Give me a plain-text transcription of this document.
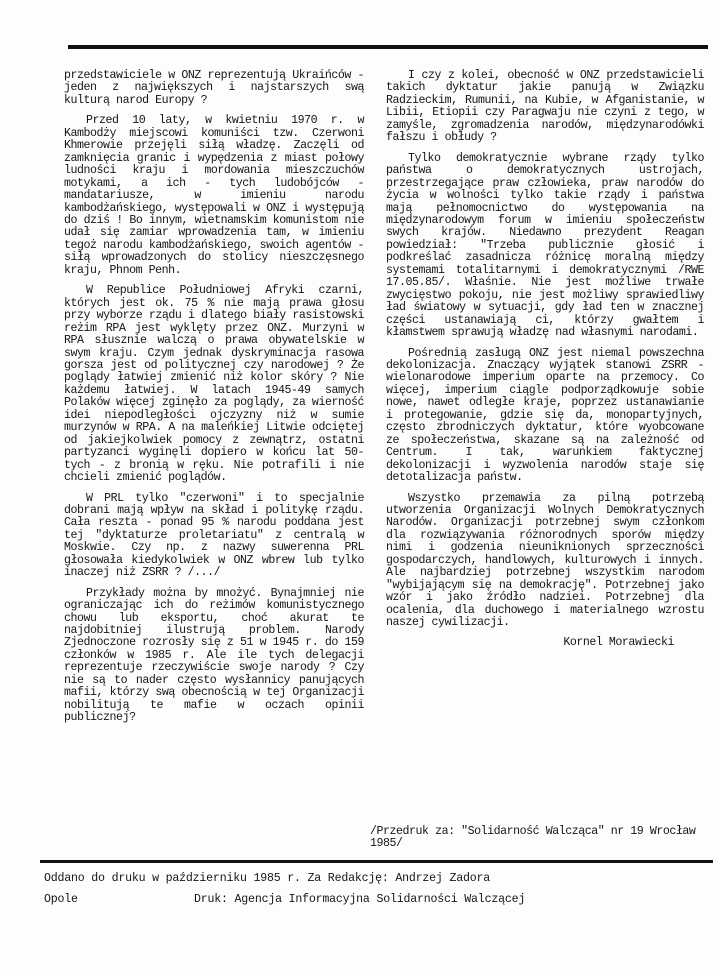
przedstawiciele w ONZ reprezentują Ukraińców - jeden z największych i najstarszych swą kulturą narod Europy ?

Przed 10 laty, w kwietniu 1970 r. w Kambodży miejscowi komuniści tzw. Czerwoni Khmerowie przejęli siłą władzę. Zaczęli od zamknięcia granic i wypędzenia z miast połowy ludności kraju i mordowania mieszczuchów motykami, a ich - tych ludobójców - mandatariusze, w imieniu narodu kambodżańskiego, występowali w ONZ i występują do dziś ! Bo innym, wietnamskim komunistom nie udał się zamiar wprowadzenia tam, w imieniu tegoż narodu kambodżańskiego, swoich agentów - siłą wprowadzonych do stolicy nieszczęsnego kraju, Phnom Penh.

W Republice Południowej Afryki czarni, których jest ok. 75 % nie mają prawa głosu przy wyborze rządu i dlatego biały rasistowski reżim RPA jest wyklęty przez ONZ. Murzyni w RPA słusznie walczą o prawa obywatelskie w swym kraju. Czym jednak dyskryminacja rasowa gorsza jest od politycznej czy narodowej ? Że poglądy łatwiej zmienić niż kolor skóry ? Nie każdemu łatwiej. W latach 1945-49 samych Polaków więcej zginęło za poglądy, za wierność idei niepodległości ojczyzny niż w sumie murzynów w RPA. A na maleńkiej Litwie odciętej od jakiejkolwiek pomocy z zewnątrz, ostatni partyzanci wyginęli dopiero w końcu lat 50-tych - z bronią w ręku. Nie potrafili i nie chcieli zmienić poglądów.

W PRL tylko "czerwoni" i to specjalnie dobrani mają wpływ na skład i politykę rządu. Cała reszta - ponad 95 % narodu poddana jest tej "dyktaturze proletariatu" z centralą w Moskwie. Czy np. z nazwy suwerenna PRL głosowała kiedykolwiek w ONZ wbrew lub tylko inaczej niż ZSRR ? /.../

Przykłady można by mnożyć. Bynajmniej nie ograniczając ich do reżimów komunistycznego chowu lub eksportu, choć akurat te najdobitniej ilustrują problem. Narody Zjednoczone rozrosły się z 51 w 1945 r. do 159 członków w 1985 r. Ale ile tych delegacji reprezentuje rzeczywiście swoje narody ? Czy nie są to nader często wysłannicy panujących mafii, którzy swą obecnością w tej Organizacji nobilitują te mafie w oczach opinii publicznej?

I czy z kolei, obecność w ONZ przedstawicieli takich dyktatur jakie panują w Związku Radzieckim, Rumunii, na Kubie, w Afganistanie, w Libii, Etiopii czy Paragwaju nie czyni z tego, w zamyśle, zgromadzenia narodów, międzynarodówki fałszu i obłudy ?

Tylko demokratycznie wybrane rządy tylko państwa o demokratycznych ustrojach, przestrzegające praw człowieka, praw narodów do życia w wolności tylko takie rządy i państwa mają pełnomocnictwo do występowania na międzynarodowym forum w imieniu społeczeństw swych krajów. Niedawno prezydent Reagan powiedział: "Trzeba publicznie głosić i podkreślać zasadnicza różnicę moralną między systemami totalitarnymi i demokratycznymi /RWE 17.05.85/. Właśnie. Nie jest możliwe trwałe zwycięstwo pokoju, nie jest możliwy sprawiedliwy ład światowy w sytuacji, gdy ład ten w znacznej części ustanawiają ci, którzy gwałtem i kłamstwem sprawują władzę nad własnymi narodami.

Pośrednią zasługą ONZ jest niemal powszechna dekolonizacja. Znaczący wyjątek stanowi ZSRR - wielonarodowe imperium oparte na przemocy. Co więcej, imperium ciągle podporządkowuje sobie nowe, nawet odległe kraje, poprzez ustanawianie i protegowanie, gdzie się da, monopartyjnych, często zbrodniczych dyktatur, które wyobcowane ze społeczeństwa, skazane są na zależność od Centrum. I tak, warunkiem faktycznej dekolonizacji i wyzwolenia narodów staje się detotalizacja państw.

Wszystko przemawia za pilną potrzebą utworzenia Organizacji Wolnych Demokratycznych Narodów. Organizacji potrzebnej swym członkom dla rozwiązywania różnorodnych sporów między nimi i godzenia nieuniknionych sprzeczności gospodarczych, handlowych, kulturowych i innych. Ale najbardziej potrzebnej wszystkim narodom "wybijającym się na demokrację". Potrzebnej jako wzór i jako źródło nadziei. Potrzebnej dla ocalenia, dla duchowego i materialnego wzrostu naszej cywilizacji.

Kornel Morawiecki

/Przedruk za: "Solidarność Walcząca" nr 19 Wrocław 1985/
Oddano do druku w październiku 1985 r. Za Redakcję: Andrzej Zadora
Opole	Druk: Agencja Informacyjna Solidarności Walczącej
